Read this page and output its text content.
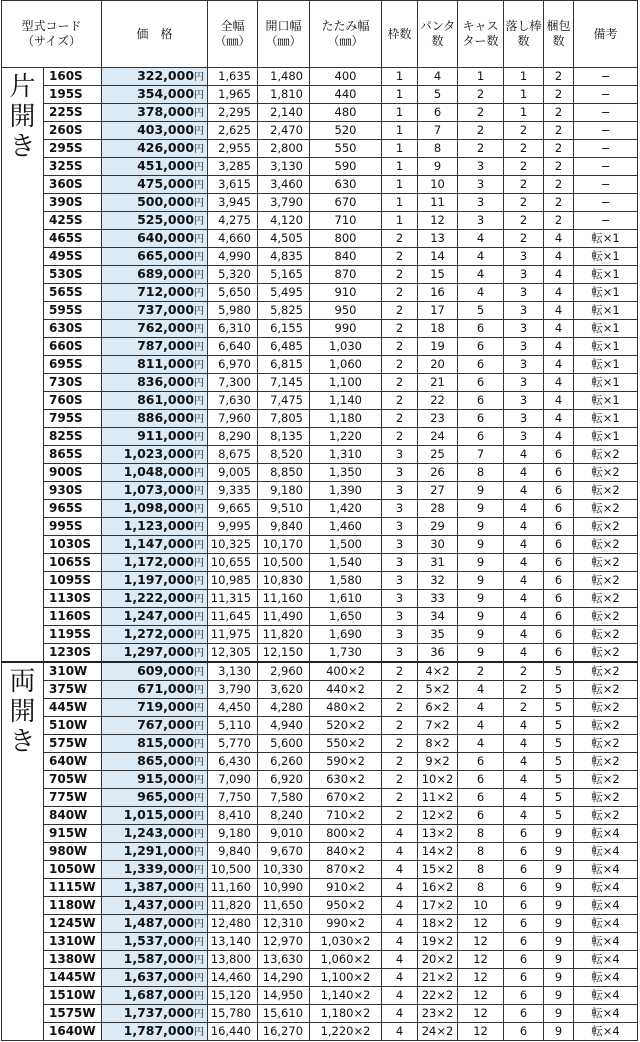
型式コード
（サイズ）		価　格	全幅
（㎜）	開口幅
（㎜）	たたみ幅
（㎜）	枠数	パンタ
数	キャス
ター数	落し棒
数	梱包
数	備考
片
開
き	160S	322,000円	1,635	1,480	400	1	4	1	1	2	−
	195S	354,000円	1,965	1,810	440	1	5	2	1	2	−
	225S	378,000円	2,295	2,140	480	1	6	2	1	2	−
	260S	403,000円	2,625	2,470	520	1	7	2	2	2	−
	295S	426,000円	2,955	2,800	550	1	8	2	2	2	−
	325S	451,000円	3,285	3,130	590	1	9	3	2	2	−
	360S	475,000円	3,615	3,460	630	1	10	3	2	2	−
	390S	500,000円	3,945	3,790	670	1	11	3	2	2	−
	425S	525,000円	4,275	4,120	710	1	12	3	2	2	−
	465S	640,000円	4,660	4,505	800	2	13	4	2	4	転×1
	495S	665,000円	4,990	4,835	840	2	14	4	3	4	転×1
	530S	689,000円	5,320	5,165	870	2	15	4	3	4	転×1
	565S	712,000円	5,650	5,495	910	2	16	4	3	4	転×1
	595S	737,000円	5,980	5,825	950	2	17	5	3	4	転×1
	630S	762,000円	6,310	6,155	990	2	18	6	3	4	転×1
	660S	787,000円	6,640	6,485	1,030	2	19	6	3	4	転×1
	695S	811,000円	6,970	6,815	1,060	2	20	6	3	4	転×1
	730S	836,000円	7,300	7,145	1,100	2	21	6	3	4	転×1
	760S	861,000円	7,630	7,475	1,140	2	22	6	3	4	転×1
	795S	886,000円	7,960	7,805	1,180	2	23	6	3	4	転×1
	825S	911,000円	8,290	8,135	1,220	2	24	6	3	4	転×1
	865S	1,023,000円	8,675	8,520	1,310	3	25	7	4	6	転×2
	900S	1,048,000円	9,005	8,850	1,350	3	26	8	4	6	転×2
	930S	1,073,000円	9,335	9,180	1,390	3	27	9	4	6	転×2
	965S	1,098,000円	9,665	9,510	1,420	3	28	9	4	6	転×2
	995S	1,123,000円	9,995	9,840	1,460	3	29	9	4	6	転×2
	1030S	1,147,000円	10,325	10,170	1,500	3	30	9	4	6	転×2
	1065S	1,172,000円	10,655	10,500	1,540	3	31	9	4	6	転×2
	1095S	1,197,000円	10,985	10,830	1,580	3	32	9	4	6	転×2
	1130S	1,222,000円	11,315	11,160	1,610	3	33	9	4	6	転×2
	1160S	1,247,000円	11,645	11,490	1,650	3	34	9	4	6	転×2
	1195S	1,272,000円	11,975	11,820	1,690	3	35	9	4	6	転×2
	1230S	1,297,000円	12,305	12,150	1,730	3	36	9	4	6	転×2
両
開
き	310W	609,000円	3,130	2,960	400×2	2	4×2	2	2	5	転×2
	375W	671,000円	3,790	3,620	440×2	2	5×2	4	2	5	転×2
	445W	719,000円	4,450	4,280	480×2	2	6×2	4	2	5	転×2
	510W	767,000円	5,110	4,940	520×2	2	7×2	4	4	5	転×2
	575W	815,000円	5,770	5,600	550×2	2	8×2	4	4	5	転×2
	640W	865,000円	6,430	6,260	590×2	2	9×2	6	4	5	転×2
	705W	915,000円	7,090	6,920	630×2	2	10×2	6	4	5	転×2
	775W	965,000円	7,750	7,580	670×2	2	11×2	6	4	5	転×2
	840W	1,015,000円	8,410	8,240	710×2	2	12×2	6	4	5	転×2
	915W	1,243,000円	9,180	9,010	800×2	4	13×2	8	6	9	転×4
	980W	1,291,000円	9,840	9,670	840×2	4	14×2	8	6	9	転×4
	1050W	1,339,000円	10,500	10,330	870×2	4	15×2	8	6	9	転×4
	1115W	1,387,000円	11,160	10,990	910×2	4	16×2	8	6	9	転×4
	1180W	1,437,000円	11,820	11,650	950×2	4	17×2	10	6	9	転×4
	1245W	1,487,000円	12,480	12,310	990×2	4	18×2	12	6	9	転×4
	1310W	1,537,000円	13,140	12,970	1,030×2	4	19×2	12	6	9	転×4
	1380W	1,587,000円	13,800	13,630	1,060×2	4	20×2	12	6	9	転×4
	1445W	1,637,000円	14,460	14,290	1,100×2	4	21×2	12	6	9	転×4
	1510W	1,687,000円	15,120	14,950	1,140×2	4	22×2	12	6	9	転×4
	1575W	1,737,000円	15,780	15,610	1,180×2	4	23×2	12	6	9	転×4
	1640W	1,787,000円	16,440	16,270	1,220×2	4	24×2	12	6	9	転×4
